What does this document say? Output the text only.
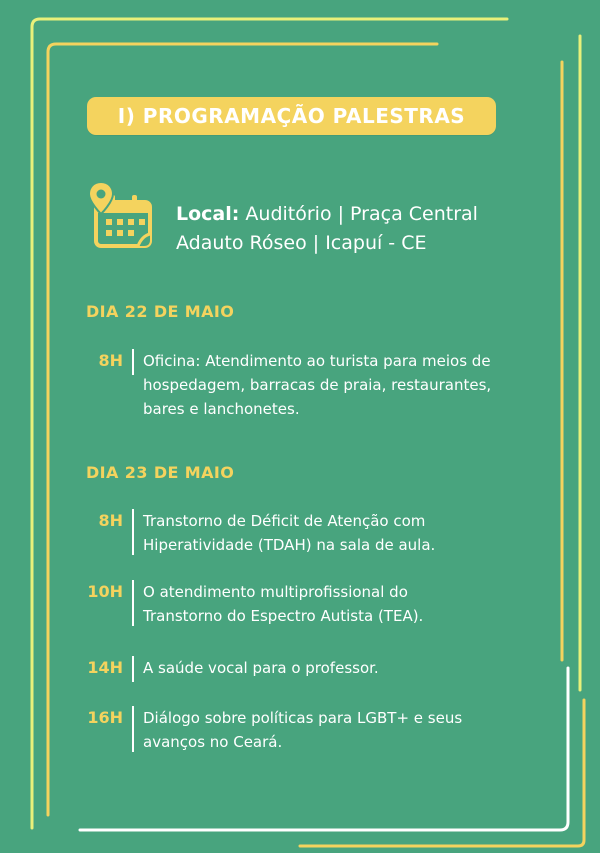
I) PROGRAMAÇÃO PALESTRAS
Local: Auditório | Praça Central
Adauto Róseo | Icapuí - CE
DIA 22 DE MAIO
8H Oficina: Atendimento ao turista para meios de
hospedagem, barracas de praia, restaurantes,
bares e lanchonetes.
DIA 23 DE MAIO
8H Transtorno de Déficit de Atenção com
Hiperatividade (TDAH) na sala de aula.
10H O atendimento multiprofissional do
Transtorno do Espectro Autista (TEA).
14H A saúde vocal para o professor.
16H Diálogo sobre políticas para LGBT+ e seus
avanços no Ceará.
